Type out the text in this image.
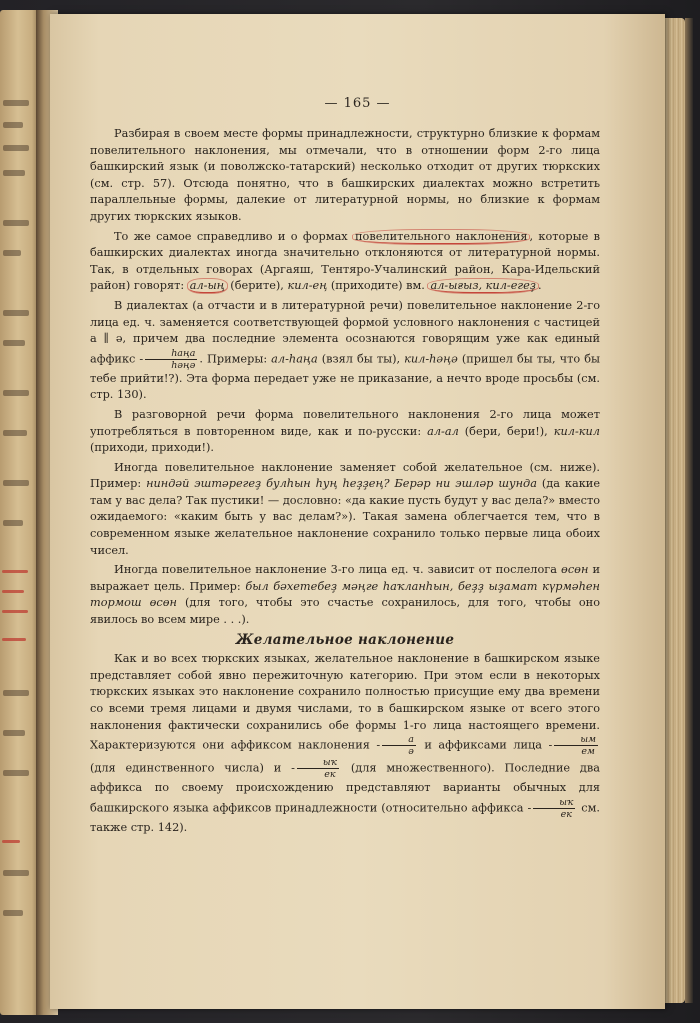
— 165 —

Разбирая в своем месте формы принадлежности, структурно близкие к формам повелительного наклонения, мы отмечали, что в отношении форм 2-го лица башкирский язык (и поволжско-татарский) несколько отходит от других тюркских (см. стр. 57). Отсюда понятно, что в башкирских диалектах можно встретить параллельные формы, далекие от литературной нормы, но близкие к формам других тюркских языков.

То же самое справедливо и о формах повелительного наклонения , которые в башкирских диалектах иногда значительно отклоняются от литературной нормы. Так, в отдельных говорах (Аргаяш, Тентяро-Учалинский район, Кара-Идельский район) говорят: ал-ың (берите), кил-ең (приходите) вм. ал-ығыз, кил-егеҙ .

В диалектах (а отчасти и в литературной речи) повелительное наклонение 2-го лица ед. ч. заменяется соответствующей формой условного наклонения с частицей а ∥ ә, причем два последние элемента осознаются говорящим уже как единый аффикс - $\frac{\text{һаңа}}{\text{һәңә}}$ . Примеры: ал-һаңа (взял бы ты), кил-һәңә (пришел бы ты, что бы тебе прийти!?). Эта форма передает уже не приказание, а нечто вроде просьбы (см. стр. 130).

В разговорной речи форма повелительного наклонения 2-го лица может употребляться в повторенном виде, как и по-русски: ал-ал (бери, бери!), кил-кил (приходи, приходи!).

Иногда повелительное наклонение заменяет собой желательное (см. ниже). Пример: ниндәй эштәрегеҙ булһын һуң һеҙҙең? Берәр ни эшләр шунда (да какие там у вас дела? Так пустики! — дословно: «да какие пусть будут у вас дела?» вместо ожидаемого: «каким быть у вас делам?»). Такая замена облегчается тем, что в современном языке желательное наклонение сохранило только первые лица обоих чисел.

Иногда повелительное наклонение 3-го лица ед. ч. зависит от послелога өсөн и выражает цель. Пример: был бәхетебеҙ мәңге һаҡланһын, беҙҙ ыҙамат күрмәһен тормош өсөн (для того, чтобы это счастье сохранилось, для того, чтобы оно явилось во всем мире . . .).

Желательное наклонение

Как и во всех тюркских языках, желательное наклонение в башкирском языке представляет собой явно пережиточную категорию. При этом если в некоторых тюркских языках это наклонение сохранило полностью присущие ему два времени со всеми тремя лицами и двумя числами, то в башкирском языке от всего этого наклонения фактически сохранились обе формы 1-го лица настоящего времени. Характеризуются они аффиксом наклонения - $\frac{а}{ә}$ и аффиксами лица - $\frac{ым}{ем}$
(для единственного числа) и - $\frac{ыҡ}{ек} (для$ множественного). Последние два аффикса по своему происхождению представляют варианты обычных для башкирского языка аффиксов принадлежности (относительно аффикса - $\frac{ыҡ}{ек}$ см. также стр. 142).
